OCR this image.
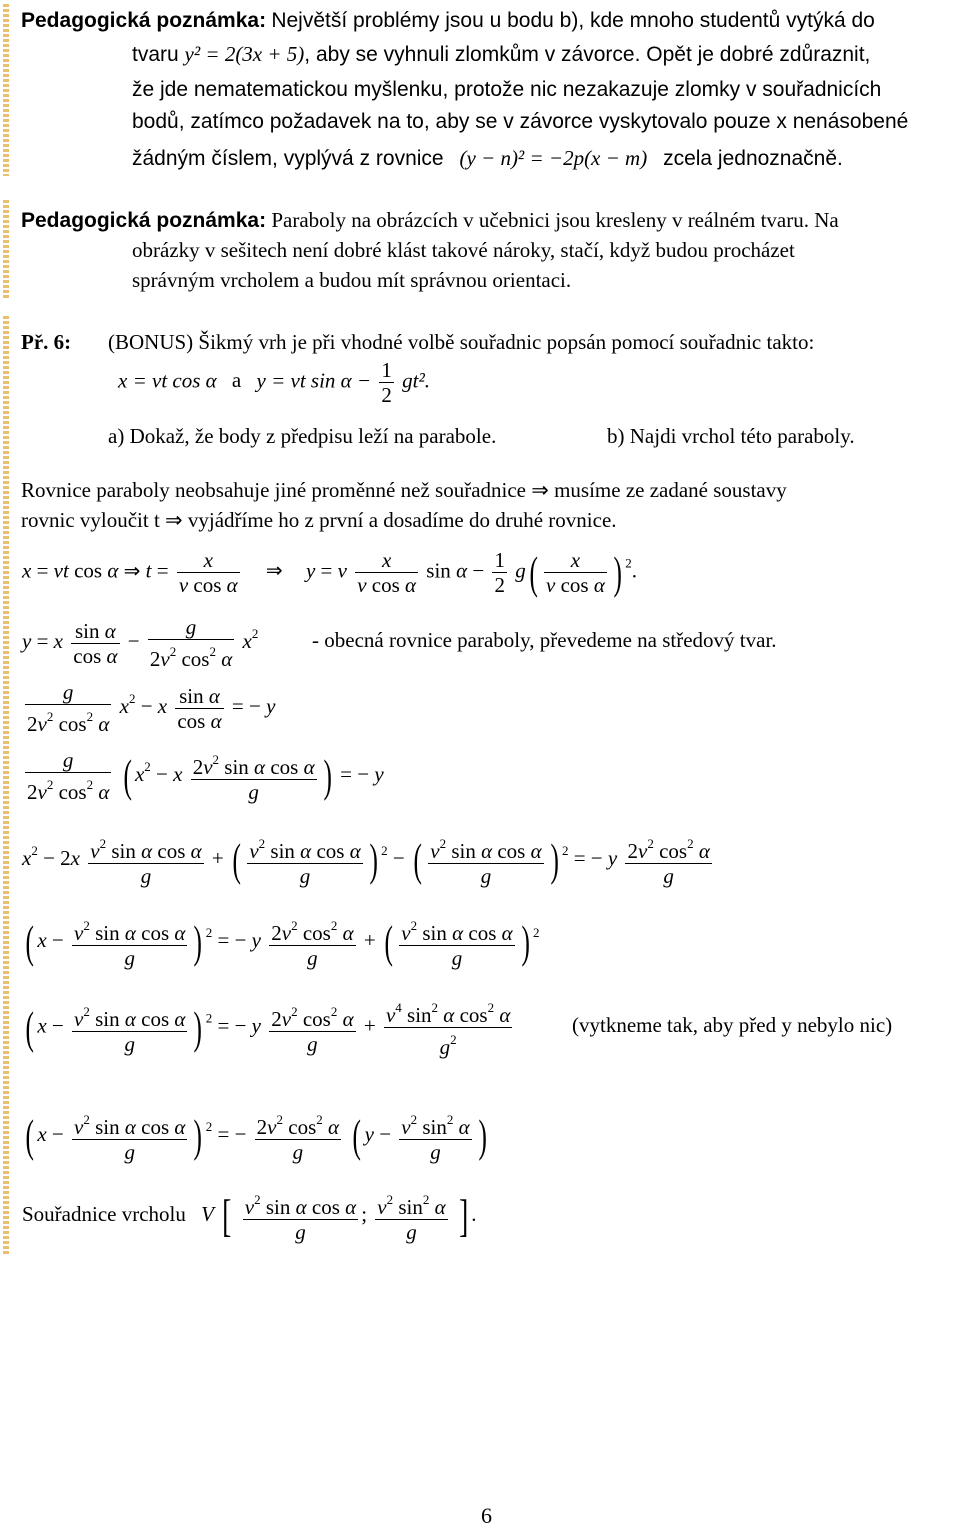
Pedagogická poznámka: Největší problémy jsou u bodu b), kde mnoho studentů vytýká do
tvaru y² = 2(3x + 5), aby se vyhnuli zlomkům v závorce. Opět je dobré zdůraznit,
že jde nematematickou myšlenku, protože nic nezakazuje zlomky v souřadnicích
bodů, zatímco požadavek na to, aby se v závorce vyskytovalo pouze x nenásobené
žádným číslem, vyplývá z rovnice (y − n)² = −2p(x − m) zcela jednoznačně.
Pedagogická poznámka: Paraboly na obrázcích v učebnici jsou kresleny v reálném tvaru. Na
obrázky v sešitech není dobré klást takové nároky, stačí, když budou procházet
správným vrcholem a budou mít správnou orientaci.
Př. 6: (BONUS) Šikmý vrh je při vhodné volbě souřadnic popsán pomocí souřadnic takto:
x = vt cos α a y = vt $\sin \alpha - \frac{1}{2} gt^2$.
a) Dokaž, že body z předpisu leží na parabole.	b) Najdi vrchol této paraboly.
Rovnice paraboly neobsahuje jiné proměnné než souřadnice ⇒ musíme ze zadané soustavy
rovnic vyloučit t ⇒ vyjádříme ho z první a dosadíme do druhé rovnice.
x = vt cos α ⇒ $t = \frac{x}{\text{v cos α}}$ ⇒ y = v $\frac{x}{\text{v cos α}}$ $\sin \alpha - \frac{1}{2} g( \frac{x}{\text{v cos α}}$ ) $^2$.
y = x $\frac{\text{sin α}}{\text{cos α}} - \frac{g}{2v^2 \cos^2 \alpha} x^2$	- obecná rovnice paraboly, převedeme na středový tvar.
$\frac{g}{2v^2 \cos^2 \alpha} x^2 - x \frac{\text{sin α}}{\text{cos α}}$ = − y
$\frac{g}{2v^2 \cos^2 \alpha}$ ( $x^2 - x \frac{2v^2 \sin \alpha \cos \alpha}{g}$ ) = − y
$x^2 - 2x \frac{v^2 \sin \alpha \cos \alpha}{g}$ + ( $\frac{v^2 \sin \alpha \cos \alpha}{g}$ ) $^2$ − ( $\frac{v^2 \sin \alpha \cos \alpha}{g}$ ) $^2$ = − y $\frac{2v^2 \cos^2 \alpha}{g}$
( $x - \frac{v^2 \sin \alpha \cos \alpha}{g}$ ) $^2$ = − y $\frac{2v^2 \cos^2 \alpha}{g}$ + ( $\frac{v^2 \sin \alpha \cos \alpha}{g}$ ) $^2$
( $x - \frac{v^2 \sin \alpha \cos \alpha}{g}$ ) $^2$ = − y $\frac{2v^2 \cos^2 \alpha}{g} + \frac{v^4 \sin^2 \alpha \cos^2 \alpha}{g^2}$	(vytkneme tak, aby před y nebylo nic)
( $x - \frac{v^2 \sin \alpha \cos \alpha}{g}$ ) $^2$ = − $\frac{2v^2 \cos^2 \alpha}{g}$ ( $y - \frac{v^2 \sin^2 \alpha}{g}$ )
Souřadnice vrcholu V [ $\frac{v^2 \sin \alpha \cos \alpha}{g}$ ; $\frac{v^2 \sin^2 \alpha}{g}$ ] .
6
